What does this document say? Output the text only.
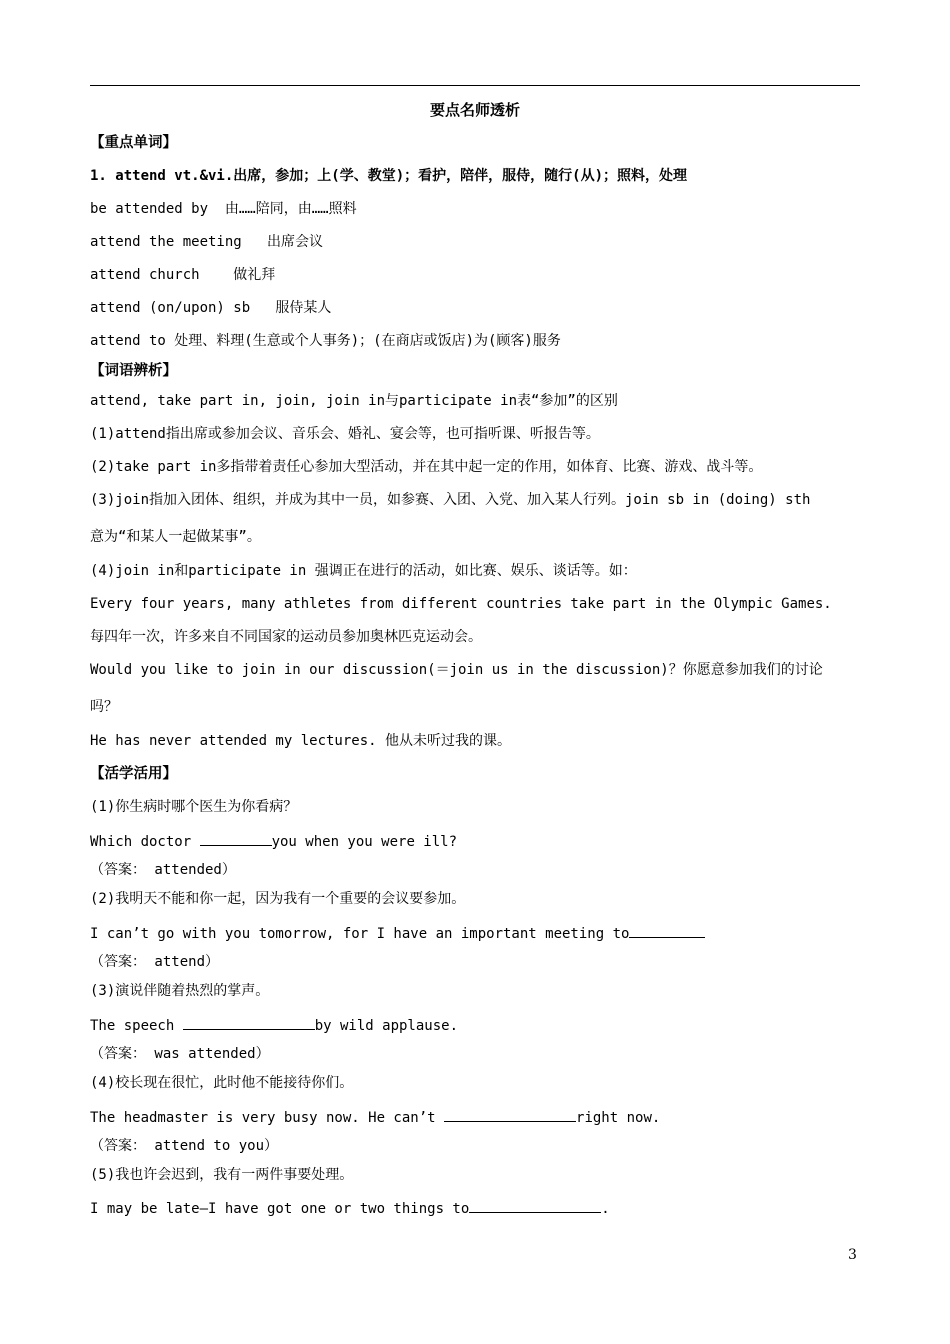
要点名师透析
【重点单词】
1. attend vt.&vi.出席，参加；上(学、教堂)；看护，陪伴，服侍，随行(从)；照料，处理
be attended by  由……陪同，由……照料
attend the meeting   出席会议
attend church    做礼拜
attend (on/upon) sb   服侍某人
attend to 处理、料理(生意或个人事务)；(在商店或饭店)为(顾客)服务
【词语辨析】
attend, take part in, join, join in与participate in表“参加”的区别
(1)attend指出席或参加会议、音乐会、婚礼、宴会等，也可指听课、听报告等。
(2)take part in多指带着责任心参加大型活动，并在其中起一定的作用，如体育、比赛、游戏、战斗等。
(3)join指加入团体、组织，并成为其中一员，如参赛、入团、入党、加入某人行列。join sb in (doing) sth
意为“和某人一起做某事”。
(4)join in和participate in 强调正在进行的活动，如比赛、娱乐、谈话等。如：
Every four years, many athletes from different countries take part in the Olympic Games.
每四年一次，许多来自不同国家的运动员参加奥林匹克运动会。
Would you like to join in our discussion(＝join us in the discussion)？你愿意参加我们的讨论
吗？
He has never attended my lectures. 他从未听过我的课。
【活学活用】
(1)你生病时哪个医生为你看病？
Which doctor	you when you were ill?
（答案： attended）
(2)我明天不能和你一起，因为我有一个重要的会议要参加。
I can’t go with you tomorrow, for I have an important meeting to
（答案： attend）
(3)演说伴随着热烈的掌声。
The speech	by wild applause.
（答案： was attended）
(4)校长现在很忙，此时他不能接待你们。
The headmaster is very busy now. He can’t	right now.
（答案： attend to you）
(5)我也许会迟到，我有一两件事要处理。
I may be late—I have got one or two things to	.
3
